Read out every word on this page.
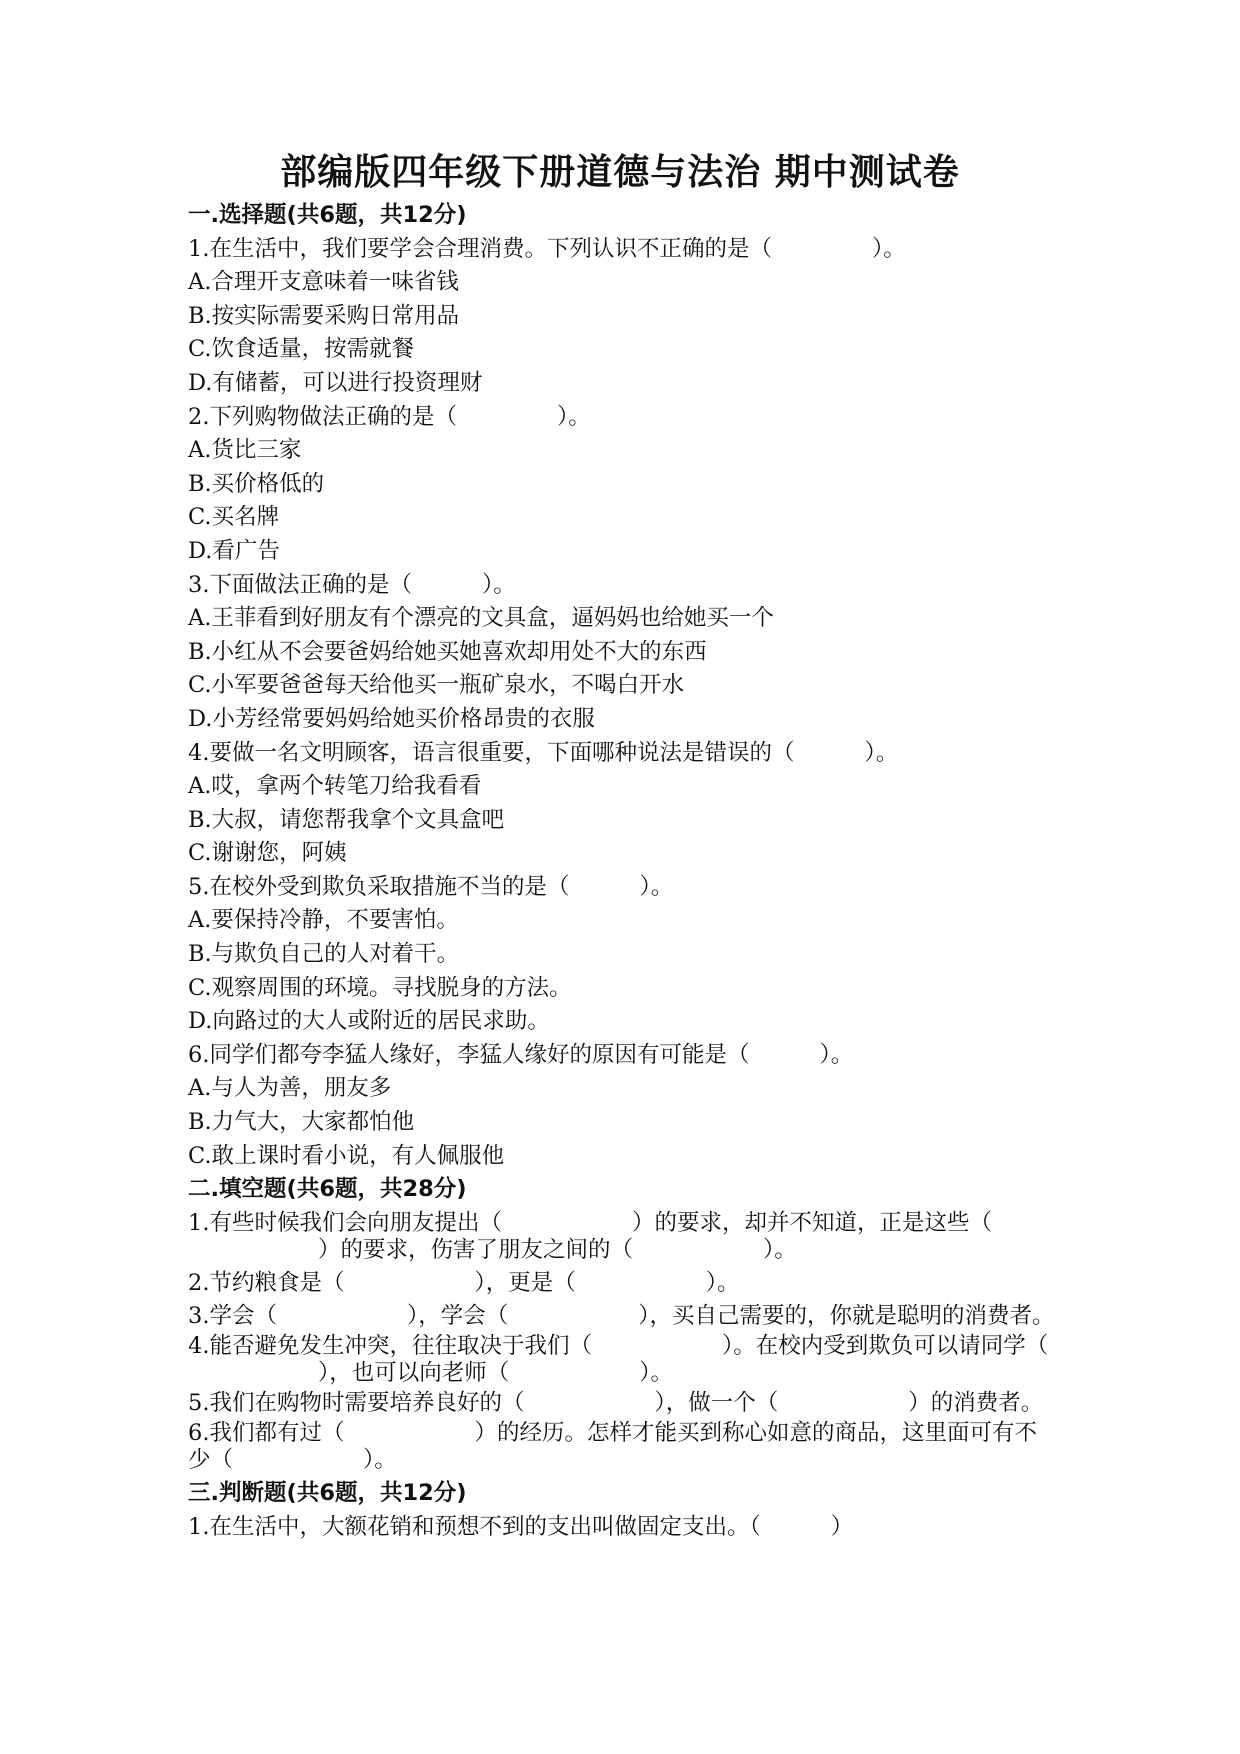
部编版四年级下册道德与法治 期中测试卷
一.选择题(共6题，共12分)
1.在生活中，我们要学会合理消费。下列认识不正确的是（	）。
A.合理开支意味着一味省钱
B.按实际需要采购日常用品
C.饮食适量，按需就餐
D.有储蓄，可以进行投资理财
2.下列购物做法正确的是（	）。
A.货比三家
B.买价格低的
C.买名牌
D.看广告
3.下面做法正确的是（	）。
A.王菲看到好朋友有个漂亮的文具盒，逼妈妈也给她买一个
B.小红从不会要爸妈给她买她喜欢却用处不大的东西
C.小军要爸爸每天给他买一瓶矿泉水，不喝白开水
D.小芳经常要妈妈给她买价格昂贵的衣服
4.要做一名文明顾客，语言很重要，下面哪种说法是错误的（	）。
A.哎，拿两个转笔刀给我看看
B.大叔，请您帮我拿个文具盒吧
C.谢谢您，阿姨
5.在校外受到欺负采取措施不当的是（	）。
A.要保持冷静，不要害怕。
B.与欺负自己的人对着干。
C.观察周围的环境。寻找脱身的方法。
D.向路过的大人或附近的居民求助。
6.同学们都夸李猛人缘好，李猛人缘好的原因有可能是（	）。
A.与人为善，朋友多
B.力气大，大家都怕他
C.敢上课时看小说，有人佩服他
二.填空题(共6题，共28分)
1.有些时候我们会向朋友提出（	）的要求，却并不知道，正是这些（）的要求，伤害了朋友之间的（	）。
2.节约粮食是（	），更是（	）。
3.学会（	），学会（	），买自己需要的，你就是聪明的消费者。
4.能否避免发生冲突，往往取决于我们（	）。在校内受到欺负可以请同学（），也可以向老师（	）。
5.我们在购物时需要培养良好的（	），做一个（	）的消费者。
6.我们都有过（	）的经历。怎样才能买到称心如意的商品，这里面可有不少（	）。
三.判断题(共6题，共12分)
1.在生活中，大额花销和预想不到的支出叫做固定支出。（	）
